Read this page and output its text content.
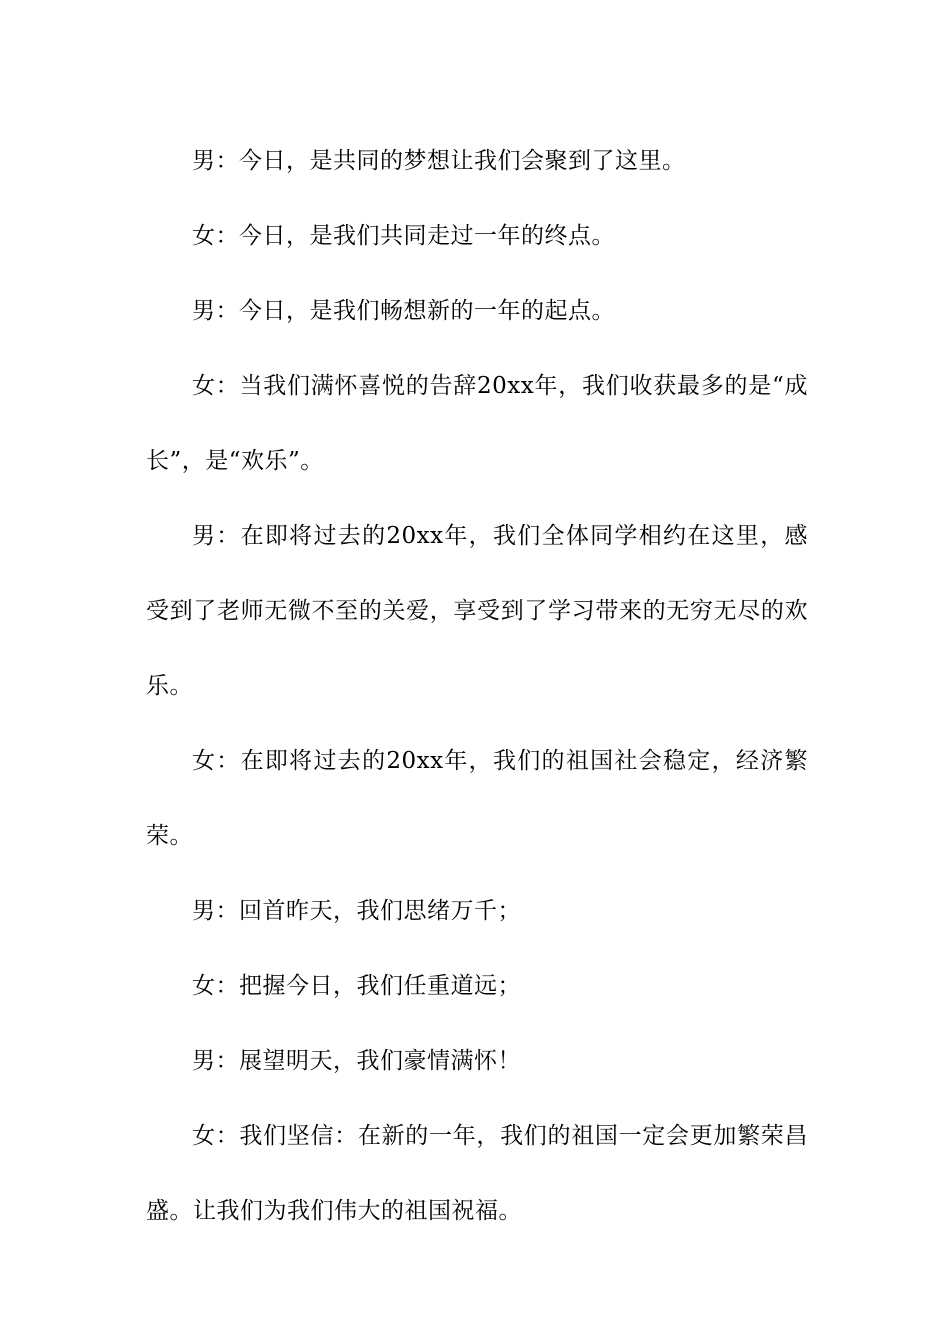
男：今日，是共同的梦想让我们会聚到了这里。

女：今日，是我们共同走过一年的终点。

男：今日，是我们畅想新的一年的起点。

女：当我们满怀喜悦的告辞20xx年，我们收获最多的是“成长”，是“欢乐”。

男：在即将过去的20xx年，我们全体同学相约在这里，感受到了老师无微不至的关爱，享受到了学习带来的无穷无尽的欢乐。

女：在即将过去的20xx年，我们的祖国社会稳定，经济繁荣。

男：回首昨天，我们思绪万千；

女：把握今日，我们任重道远；

男：展望明天，我们豪情满怀！

女：我们坚信：在新的一年，我们的祖国一定会更加繁荣昌盛。让我们为我们伟大的祖国祝福。
